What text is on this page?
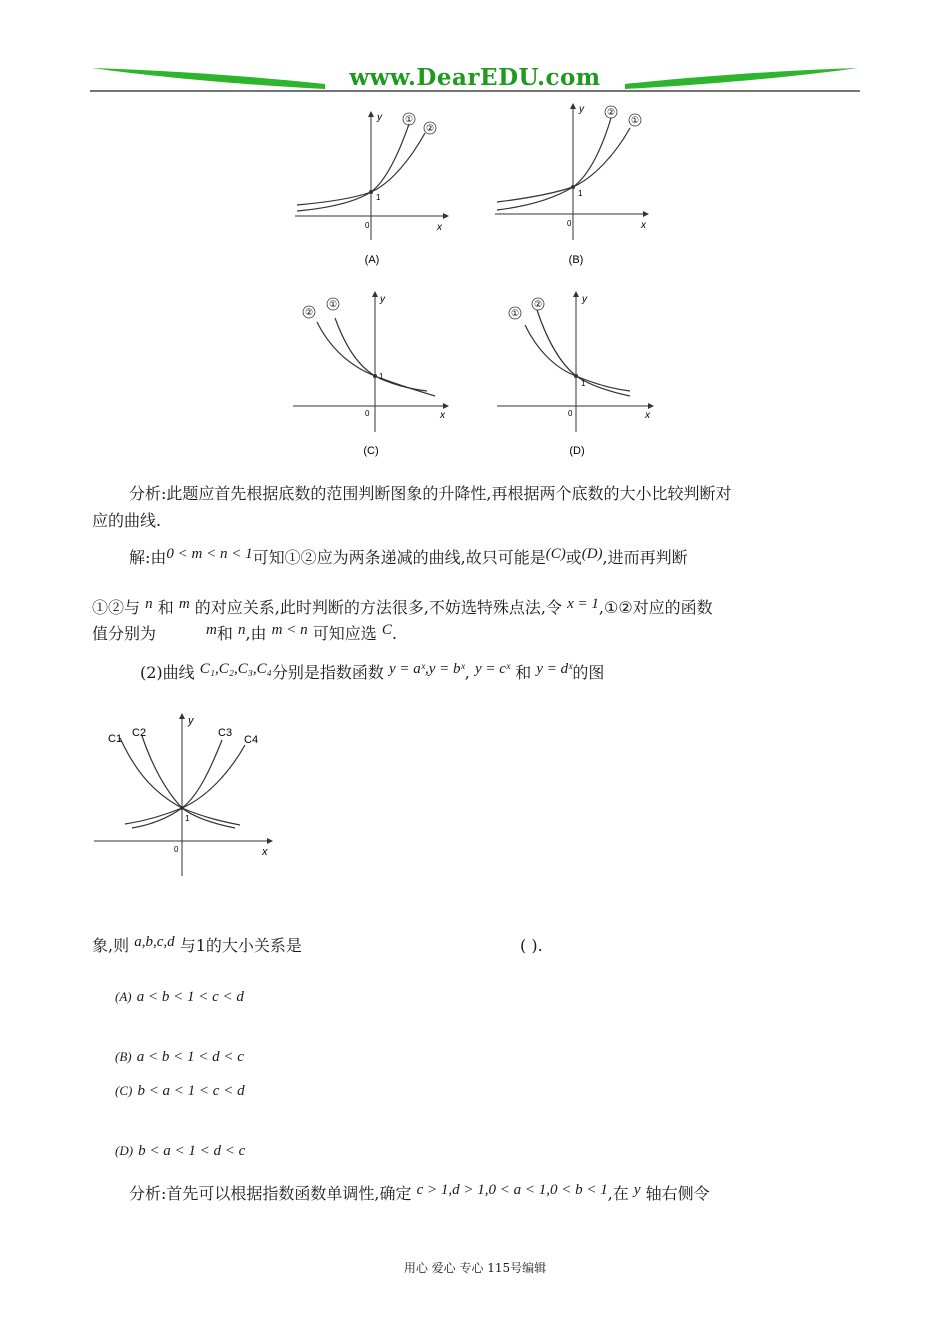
www.DearEDU.com
1
0	x
y
(A)
1
0	x
y
(B)
1
0	x
y
(C)
1
0	x
y
(D)
①
②
②
①
②
①
①
②
分析:此题应首先根据底数的范围判断图象的升降性,再根据两个底数的大小比较判断对
应的曲线.
解:由0 < m < n < 1可知①②应为两条递减的曲线,故只可能是(C)或(D),进而再判断
①②与 n 和 m 的对应关系,此时判断的方法很多,不妨选特殊点法,令 x = 1,①②对应的函数
值分别为	m和 n,由 m < n 可知应选 C.
(2)曲线 C₁,C₂,C₃,C₄分别是指数函数 y = aˣ,y = bˣ, y = cˣ 和 y = dˣ的图
1
0	x
y
C1 C2	C3
C4
象,则 a,b,c,d 与1的大小关系是	( ).
$^{(A)}$ a < b < 1 < c < d
$^{(B)}$ a < b < 1 < d < c
$^{(C)}$ b < a < 1 < c < d
$^{(D)}$ b < a < 1 < d < c
分析:首先可以根据指数函数单调性,确定 c > 1,d > 1,0 < a < 1,0 < b < 1,在 y 轴右侧令
用心 爱心 专心 115号编辑
